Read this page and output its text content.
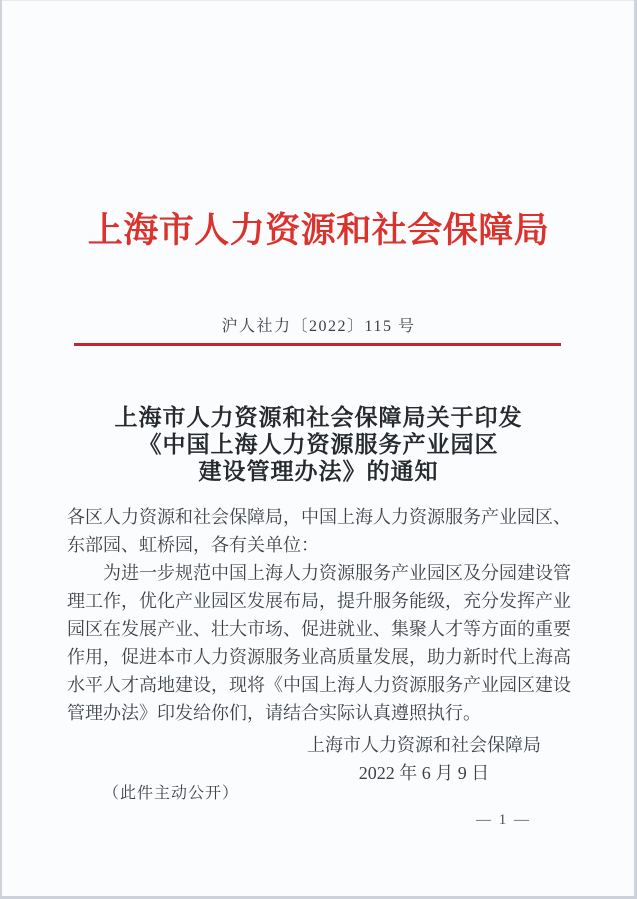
上海市人力资源和社会保障局
沪人社力〔2022〕115 号
上海市人力资源和社会保障局关于印发
《中国上海人力资源服务产业园区
建设管理办法》的通知
各区人力资源和社会保障局，中国上海人力资源服务产业园区、
东部园、虹桥园，各有关单位：
　　为进一步规范中国上海人力资源服务产业园区及分园建设管
理工作，优化产业园区发展布局，提升服务能级，充分发挥产业
园区在发展产业、壮大市场、促进就业、集聚人才等方面的重要
作用，促进本市人力资源服务业高质量发展，助力新时代上海高
水平人才高地建设，现将《中国上海人力资源服务产业园区建设
管理办法》印发给你们，请结合实际认真遵照执行。
上海市人力资源和社会保障局
2022 年 6 月 9 日
（此件主动公开）
— 1 —
